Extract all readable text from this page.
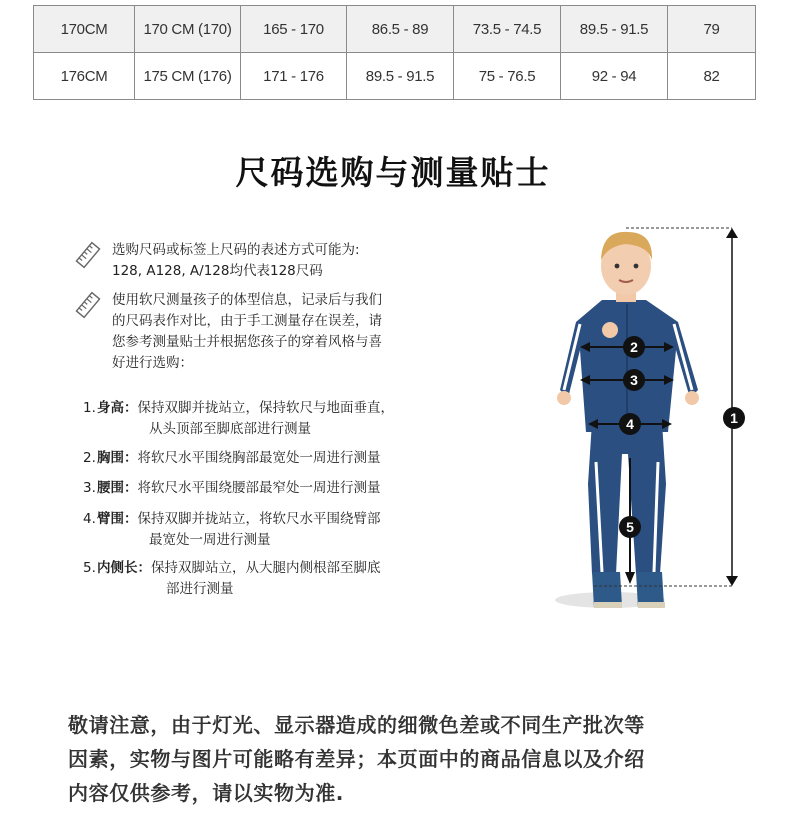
170CM	170 CM (170)	165 - 170	86.5 - 89	73.5 - 74.5	89.5 - 91.5	79
176CM	175 CM (176)	171 - 176	89.5 - 91.5	75 - 76.5	92 - 94	82
尺码选购与测量贴士
选购尺码或标签上尺码的表述方式可能为:
128, A128, A/128均代表128尺码
使用软尺测量孩子的体型信息，记录后与我们
的尺码表作对比，由于手工测量存在误差，请
您参考测量贴士并根据您孩子的穿着风格与喜
好进行选购：
1.身高：保持双脚并拢站立，保持软尺与地面垂直，
从头顶部至脚底部进行测量
2.胸围：将软尺水平围绕胸部最宽处一周进行测量
3.腰围：将软尺水平围绕腰部最窄处一周进行测量
4.臂围：保持双脚并拢站立，将软尺水平围绕臂部
最宽处一周进行测量
5.内侧长：保持双脚站立，从大腿内侧根部至脚底
部进行测量
2
3
4
5
1
敬请注意，由于灯光、显示器造成的细微色差或不同生产批次等
因素，实物与图片可能略有差异；本页面中的商品信息以及介绍
内容仅供参考，请以实物为准.
